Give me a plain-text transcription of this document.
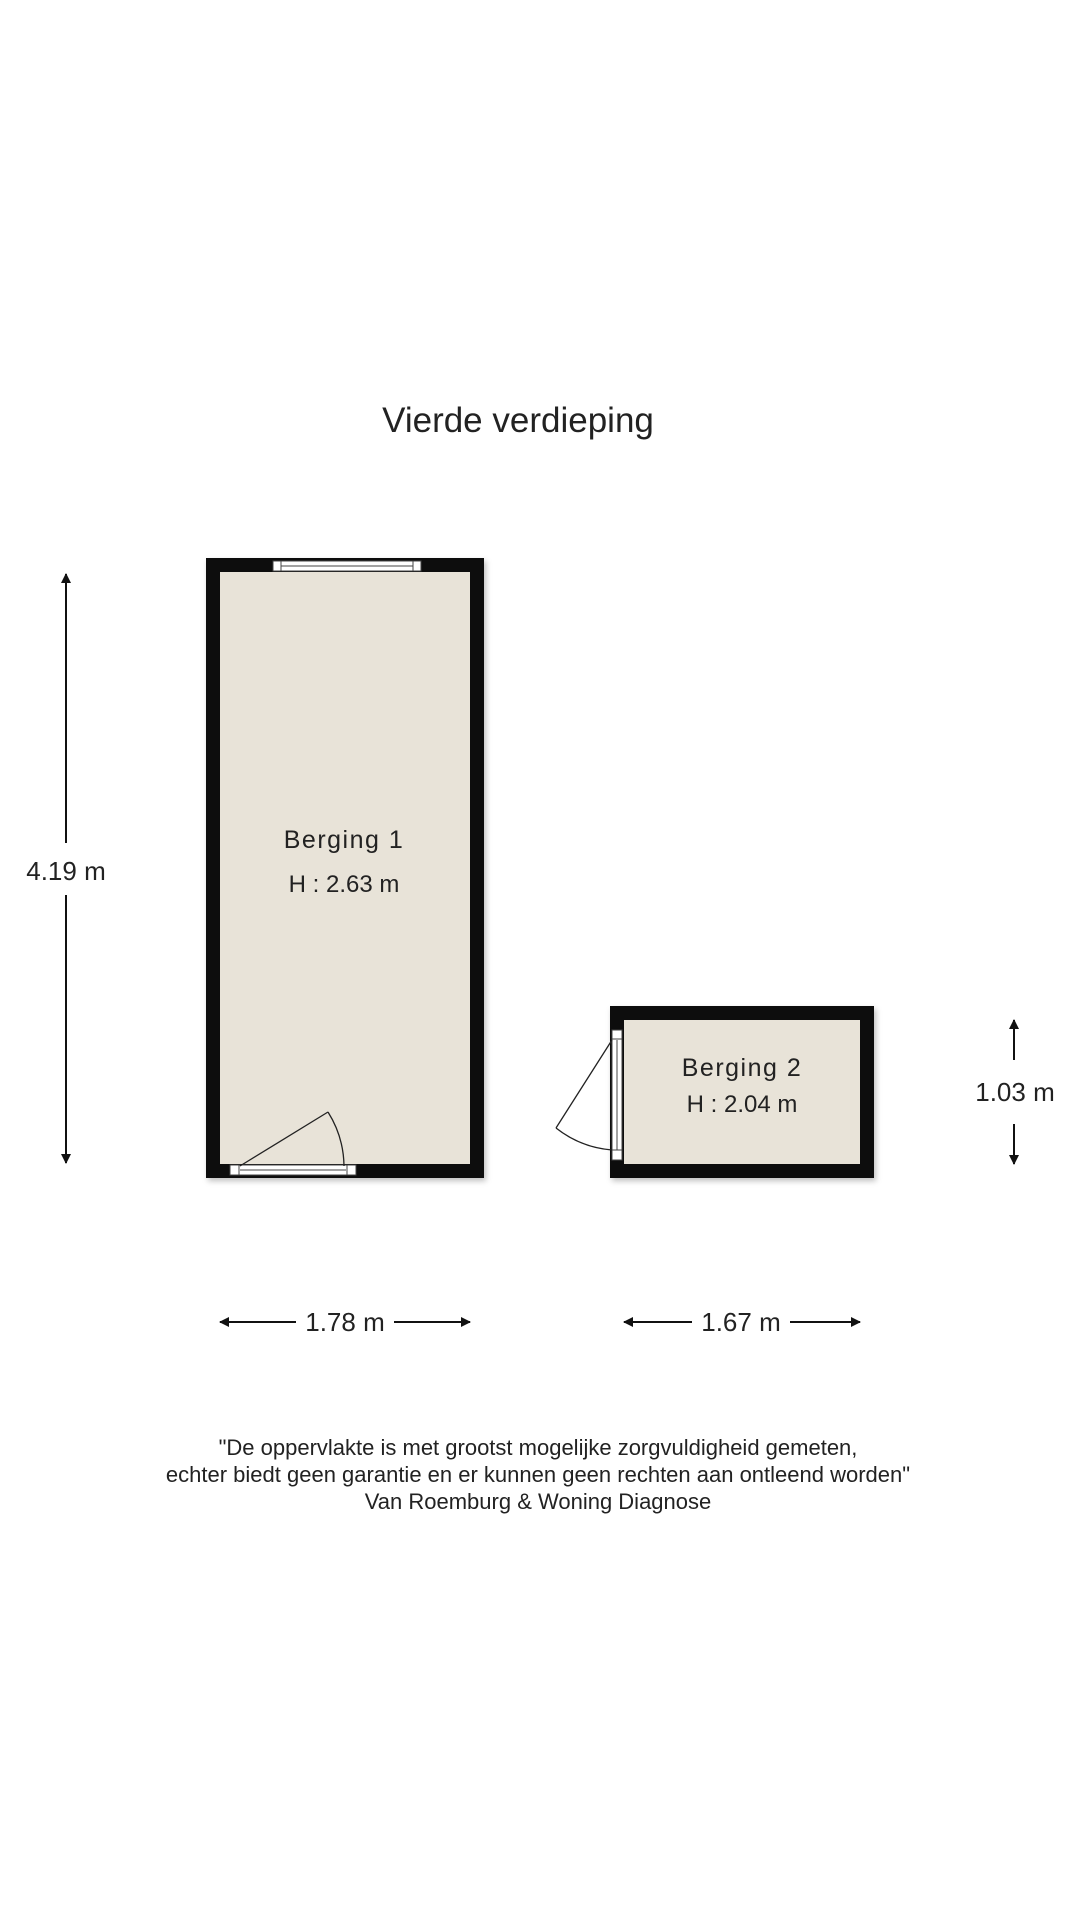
Vierde verdieping
Berging 1
H : 2.63 m
Berging 2
H : 2.04 m
4.19 m
1.78 m
1.03 m
1.67 m
"De oppervlakte is met grootst mogelijke zorgvuldigheid gemeten,
echter biedt geen garantie en er kunnen geen rechten aan ontleend worden"
Van Roemburg & Woning Diagnose
